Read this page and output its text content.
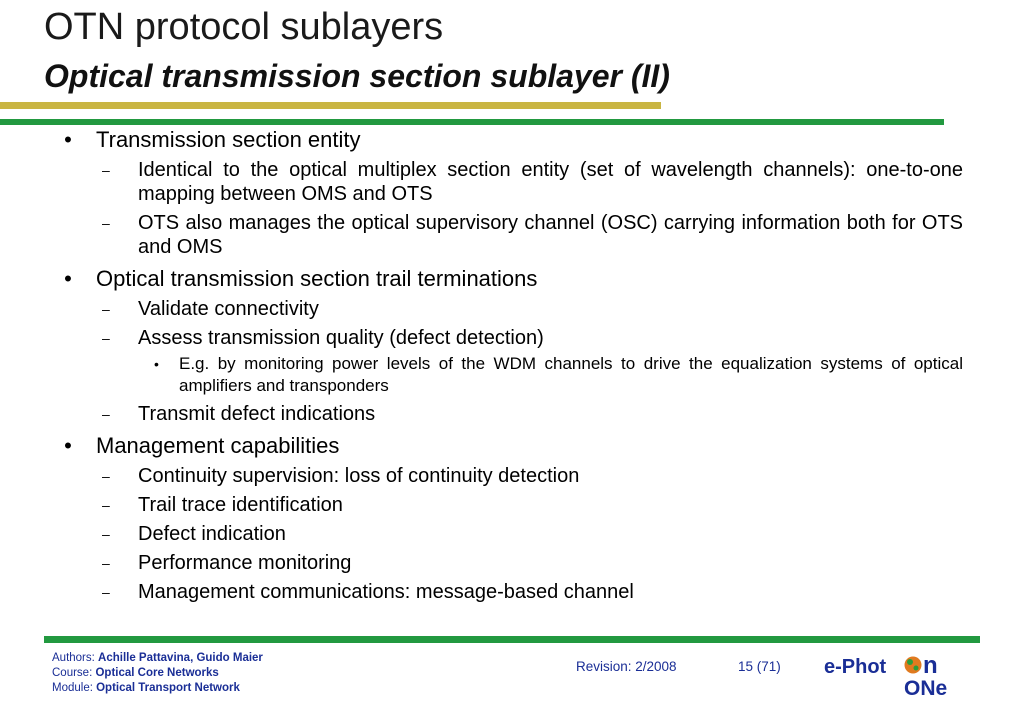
OTN protocol sublayers
Optical transmission section sublayer (II)
• Transmission section entity
– Identical to the optical multiplex section entity (set of wavelength channels): one-to-one mapping between OMS and OTS
– OTS also manages the optical supervisory channel (OSC) carrying information both for OTS and OMS
• Optical transmission section trail terminations
– Validate connectivity
– Assess transmission quality (defect detection)
• E.g. by monitoring power levels of the WDM channels to drive the equalization systems of optical amplifiers and transponders
– Transmit defect indications
• Management capabilities
– Continuity supervision: loss of continuity detection
– Trail trace identification
– Defect indication
– Performance monitoring
– Management communications: message-based channel
Authors: Achille Pattavina, Guido Maier
Course: Optical Core Networks
Module: Optical Transport Network
Revision: 2/2008	15 (71) e-Phot n
ONe
